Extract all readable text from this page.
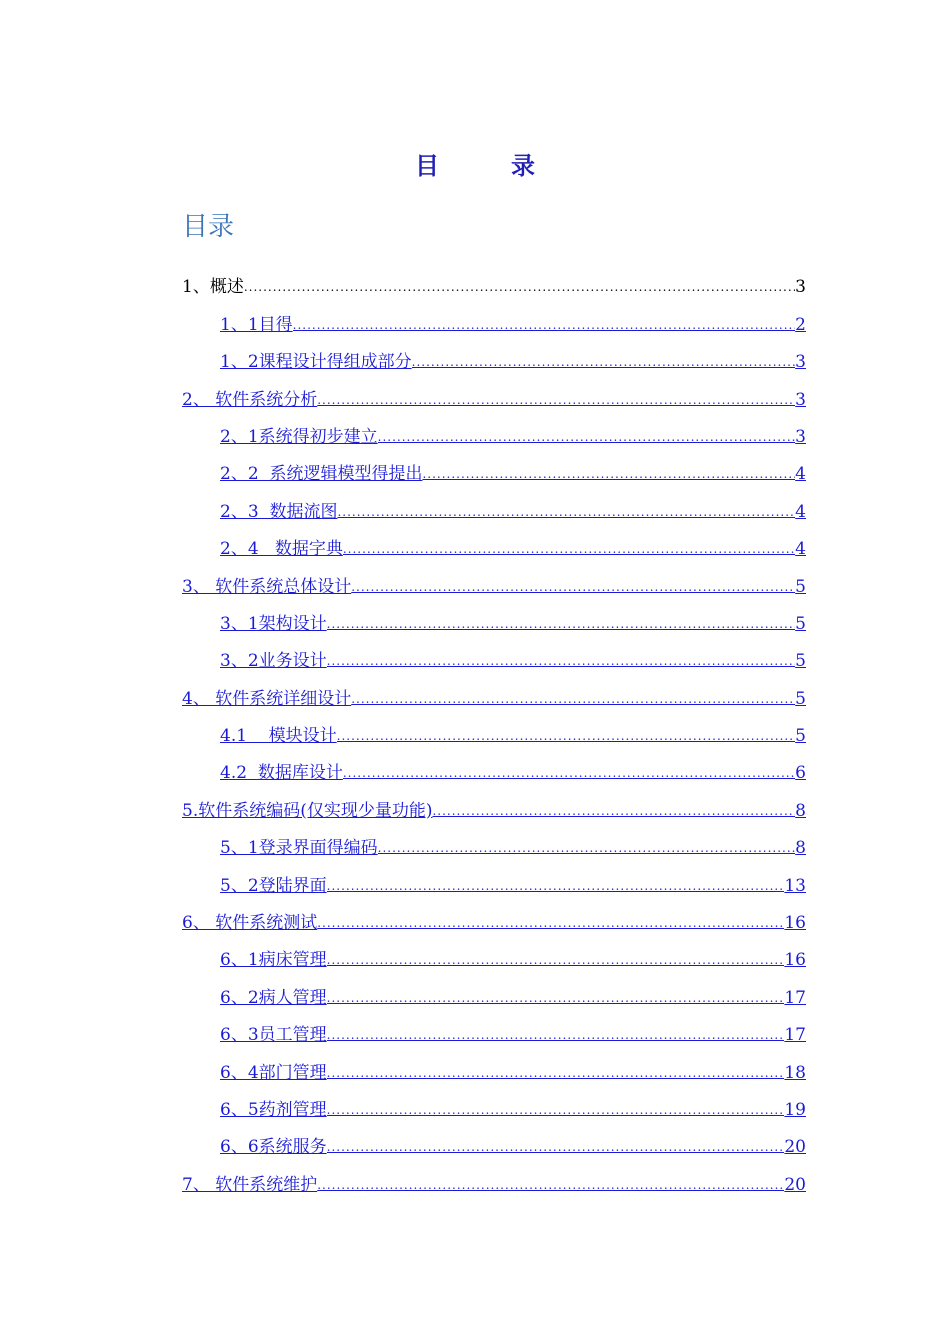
目　录
目录
1、概述 .....	3
1、1目得 .....	2
1、2课程设计得组成部分 .....	3
2、 软件系统分析 .....	3
2、1系统得初步建立 .....	3
2、2  系统逻辑模型得提出 .....	4
2、3  数据流图 .....	4
2、4   数据字典 .....	4
3、 软件系统总体设计 .....	5
3、1架构设计 .....	5
3、2业务设计 .....	5
4、 软件系统详细设计 .....	5
4.1    模块设计 .....	5
4.2  数据库设计 .....	6
5.软件系统编码(仅实现少量功能) .....	8
5、1登录界面得编码 .....	8
5、2登陆界面 .....	13
6、 软件系统测试 .....	16
6、1病床管理 .....	16
6、2病人管理 .....	17
6、3员工管理 .....	17
6、4部门管理 .....	18
6、5药剂管理 .....	19
6、6系统服务 .....	20
7、 软件系统维护 .....	20
